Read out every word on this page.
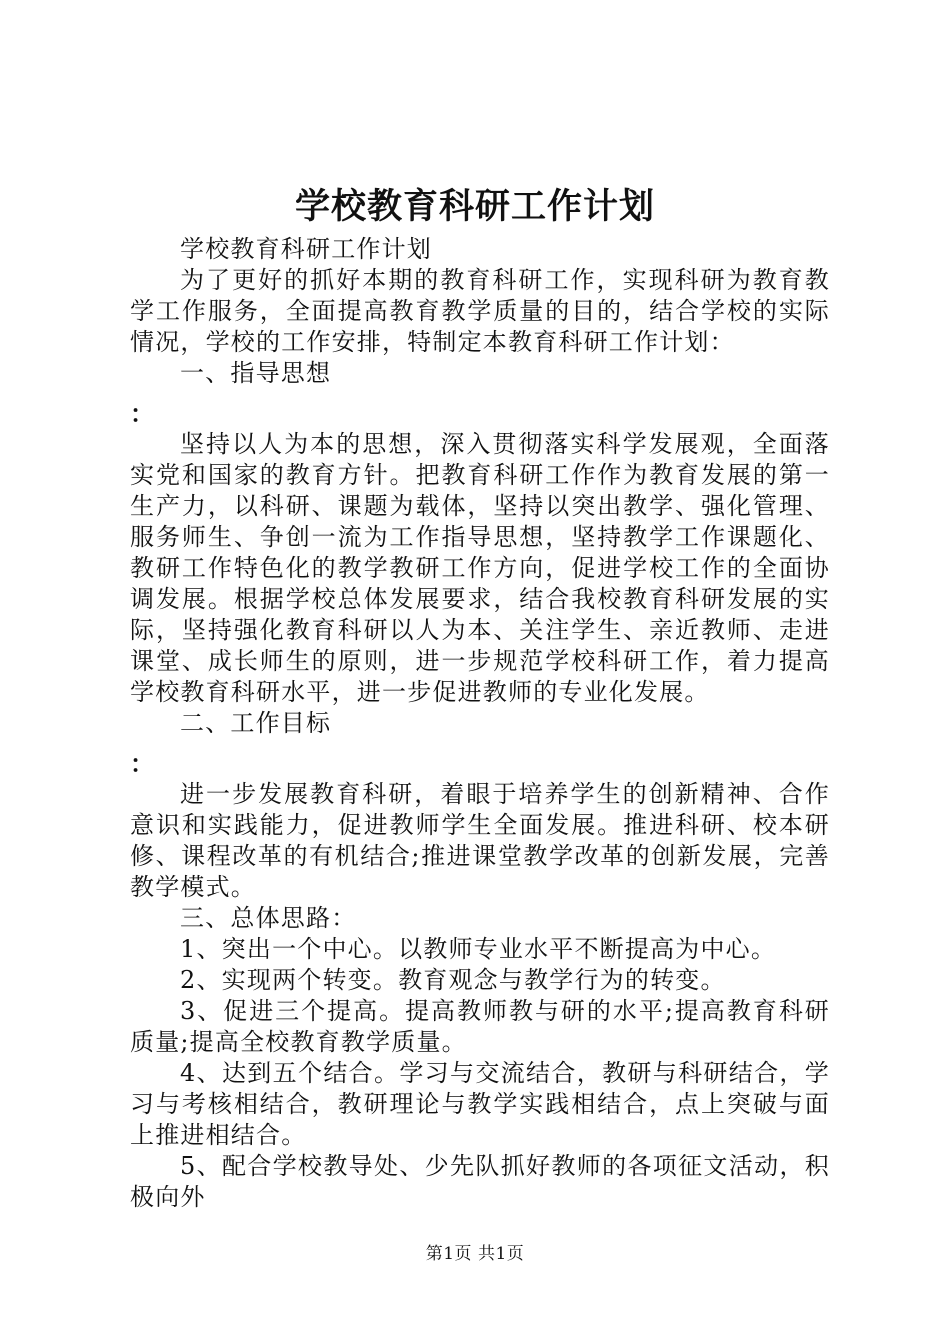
学校教育科研工作计划

学校教育科研工作计划

为了更好的抓好本期的教育科研工作，实现科研为教育教学工作服务，全面提高教育教学质量的目的，结合学校的实际情况，学校的工作安排，特制定本教育科研工作计划：

一、指导思想

：

坚持以人为本的思想，深入贯彻落实科学发展观，全面落实党和国家的教育方针。把教育科研工作作为教育发展的第一生产力，以科研、课题为载体，坚持以突出教学、强化管理、服务师生、争创一流为工作指导思想，坚持教学工作课题化、教研工作特色化的教学教研工作方向，促进学校工作的全面协调发展。根据学校总体发展要求，结合我校教育科研发展的实际，坚持强化教育科研以人为本、关注学生、亲近教师、走进课堂、成长师生的原则，进一步规范学校科研工作，着力提高学校教育科研水平，进一步促进教师的专业化发展。

二、工作目标

：

进一步发展教育科研，着眼于培养学生的创新精神、合作意识和实践能力，促进教师学生全面发展。推进科研、校本研修、课程改革的有机结合;推进课堂教学改革的创新发展，完善教学模式。

三、总体思路：

1、突出一个中心。以教师专业水平不断提高为中心。

2、实现两个转变。教育观念与教学行为的转变。

3、促进三个提高。提高教师教与研的水平;提高教育科研质量;提高全校教育教学质量。

4、达到五个结合。学习与交流结合，教研与科研结合，学习与考核相结合，教研理论与教学实践相结合，点上突破与面上推进相结合。

5、配合学校教导处、少先队抓好教师的各项征文活动，积极向外

第1页 共1页
